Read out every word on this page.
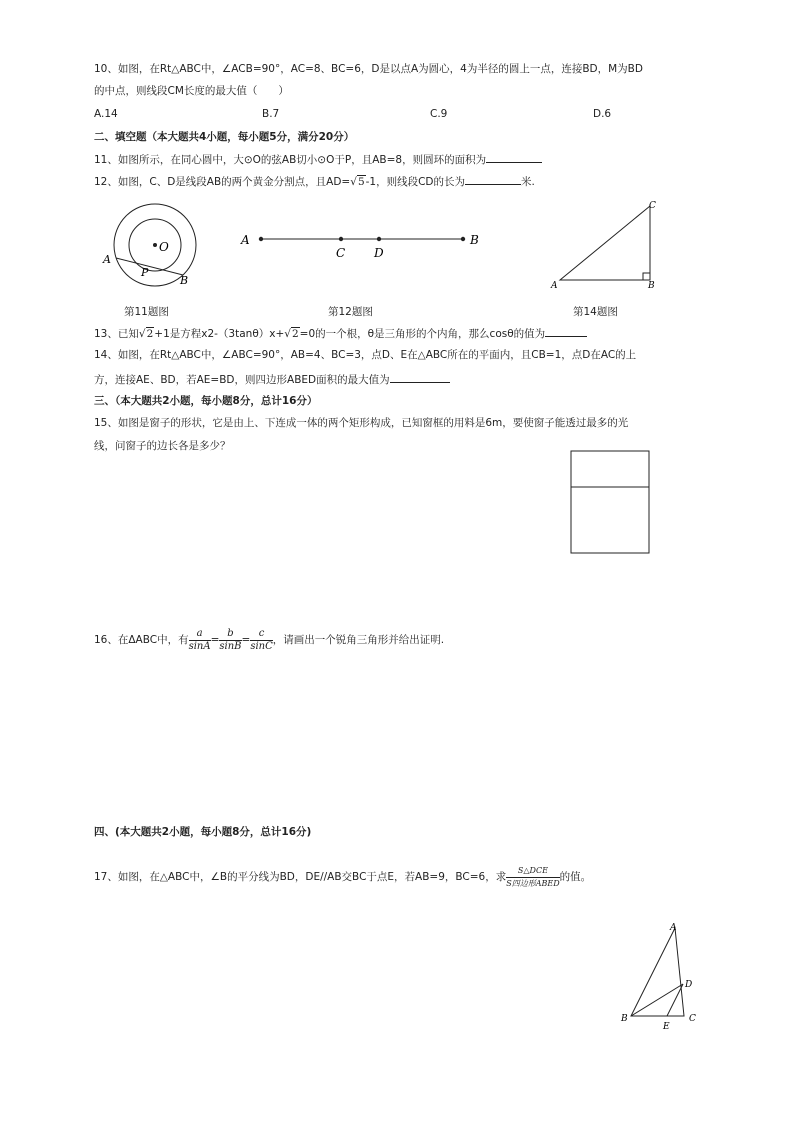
10、如图，在Rt△ABC中，∠ACB=90°，AC=8、BC=6，D是以点A为圆心，4为半径的圆上一点，连接BD，M为BD
的中点，则线段CM长度的最大值（　　）
A.14	B.7	C.9	D.6
二、填空题（本大题共4小题，每小题5分，满分20分）
11、如图所示，在同心圆中，大⊙O的弦AB切小⊙O于P，且AB=8，则圆环的面积为
12、如图，C、D是线段AB的两个黄金分割点，且AD=√5-1，则线段CD的长为	米.
O
A
P
B
第11题图
A	B
C D
第12题图
A	B
C
第14题图
13、已知√2+1是方程x2-（3tanθ）x+√2=0的一个根，θ是三角形的个内角，那么cosθ的值为
14、如图，在Rt△ABC中，∠ABC=90°，AB=4、BC=3，点D、E在△ABC所在的平面内，且CB=1，点D在AC的上
方，连接AE、BD，若AE=BD，则四边形ABED面积的最大值为
三、（本大题共2小题，每小题8分，总计16分）
15、如图是窗子的形状，它是由上、下连成一体的两个矩形构成，已知窗框的用料是6m，要使窗子能透过最多的光
线，问窗子的边长各是多少？
16、在ΔABC中，有 $\frac{a}{\sin A} = \frac{b}{\sin B} = \frac{c}{\sin C}$ ，请画出一个锐角三角形并给出证明.
四、(本大题共2小题，每小题8分，总计16分)
17、如图，在△ABC中，∠B的平分线为BD，DE//AB交BC于点E，若AB=9，BC=6，求 $\frac{\text{S△DCE}}{\text{S四边形ABED}}$ 的值。
A
B	C
D
E
